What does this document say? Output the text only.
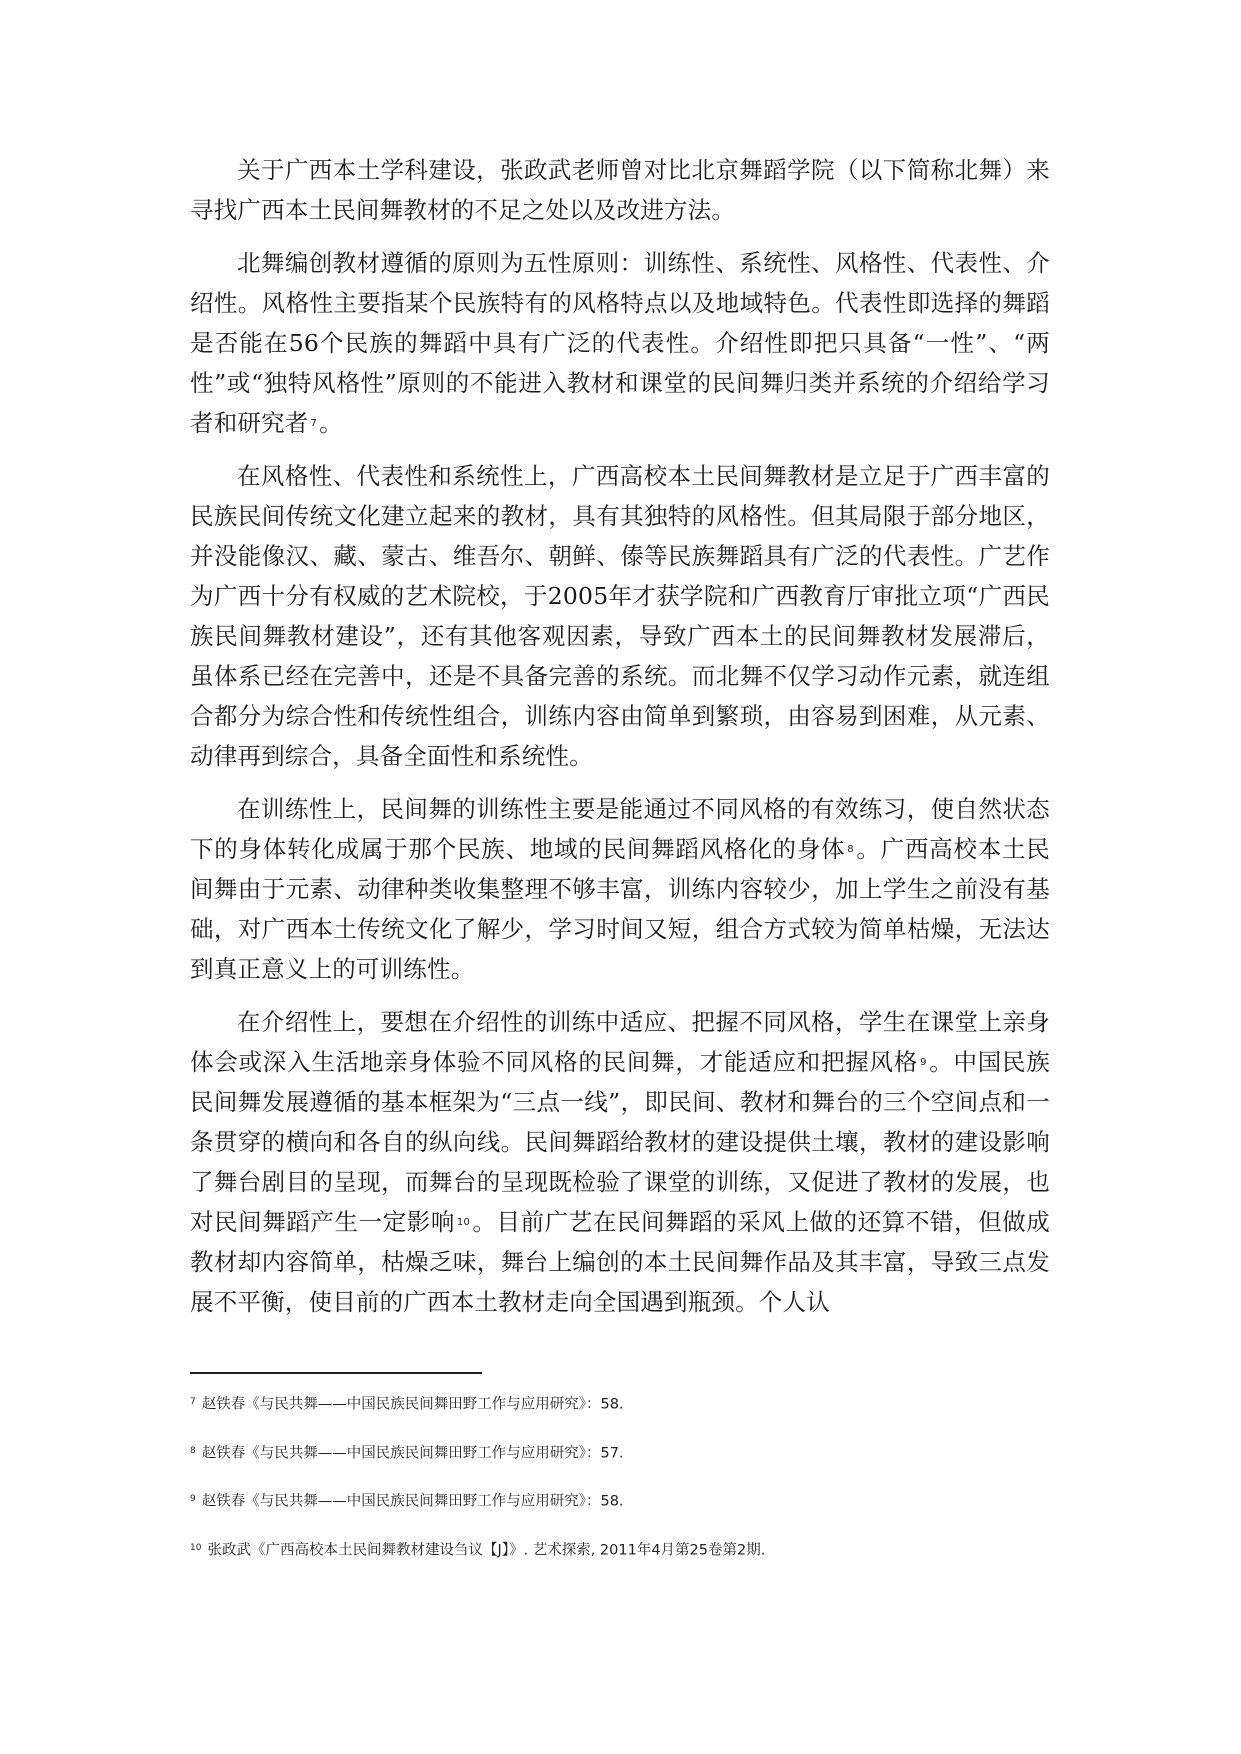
关于广西本土学科建设，张政武老师曾对比北京舞蹈学院（以下简称北舞）来寻找广西本土民间舞教材的不足之处以及改进方法。

北舞编创教材遵循的原则为五性原则：训练性、系统性、风格性、代表性、介绍性。风格性主要指某个民族特有的风格特点以及地域特色。代表性即选择的舞蹈是否能在56个民族的舞蹈中具有广泛的代表性。介绍性即把只具备“一性”、“两性”或“独特风格性”原则的不能进入教材和课堂的民间舞归类并系统的介绍给学习者和研究者 $^7$。

在风格性、代表性和系统性上，广西高校本土民间舞教材是立足于广西丰富的民族民间传统文化建立起来的教材，具有其独特的风格性。但其局限于部分地区，并没能像汉、藏、蒙古、维吾尔、朝鲜、傣等民族舞蹈具有广泛的代表性。广艺作为广西十分有权威的艺术院校，于2005年才获学院和广西教育厅审批立项“广西民族民间舞教材建设”，还有其他客观因素，导致广西本土的民间舞教材发展滞后，虽体系已经在完善中，还是不具备完善的系统。而北舞不仅学习动作元素，就连组合都分为综合性和传统性组合，训练内容由简单到繁琐，由容易到困难，从元素、动律再到综合，具备全面性和系统性。

在训练性上，民间舞的训练性主要是能通过不同风格的有效练习，使自然状态下的身体转化成属于那个民族、地域的民间舞蹈风格化的身体 $^8$。广西高校本土民间舞由于元素、动律种类收集整理不够丰富，训练内容较少，加上学生之前没有基础，对广西本土传统文化了解少，学习时间又短，组合方式较为简单枯燥，无法达到真正意义上的可训练性。

在介绍性上，要想在介绍性的训练中适应、把握不同风格，学生在课堂上亲身体会或深入生活地亲身体验不同风格的民间舞，才能适应和把握风格 $^9$。中国民族民间舞发展遵循的基本框架为“三点一线”，即民间、教材和舞台的三个空间点和一条贯穿的横向和各自的纵向线。民间舞蹈给教材的建设提供土壤，教材的建设影响了舞台剧目的呈现，而舞台的呈现既检验了课堂的训练，又促进了教材的发展，也对民间舞蹈产生一定影响 $^{10}$。目前广艺在民间舞蹈的采风上做的还算不错，但做成教材却内容简单，枯燥乏味，舞台上编创的本土民间舞作品及其丰富，导致三点发展不平衡，使目前的广西本土教材走向全国遇到瓶颈。个人认

$^7$ 赵铁春《与民共舞——中国民族民间舞田野工作与应用研究》：58.
$^8$ 赵铁春《与民共舞——中国民族民间舞田野工作与应用研究》：57.
$^9$ 赵铁春《与民共舞——中国民族民间舞田野工作与应用研究》：58.
$^{10}$ 张政武《广西高校本土民间舞教材建设刍议【J】》. 艺术探索, 2011年4月第25卷第2期.
